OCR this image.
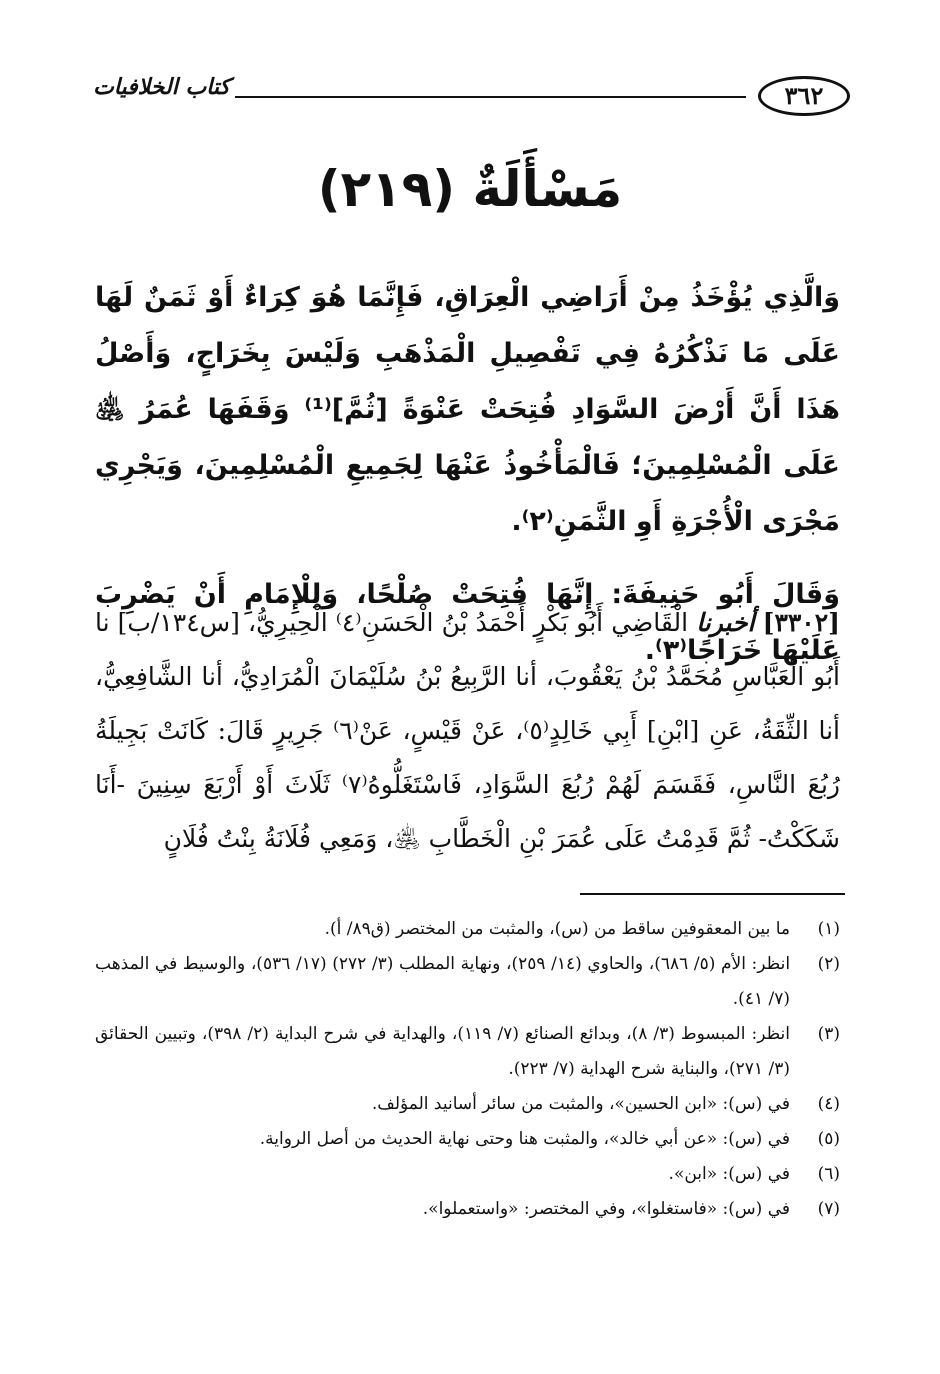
٣٦٢
كتاب الخلافيات
مَسْأَلَةٌ (٢١٩)

وَالَّذِي يُؤْخَذُ مِنْ أَرَاضِي الْعِرَاقِ، فَإِنَّمَا هُوَ كِرَاءٌ أَوْ ثَمَنٌ لَهَا عَلَى مَا نَذْكُرُهُ فِي تَفْصِيلِ الْمَذْهَبِ وَلَيْسَ بِخَرَاجٍ، وَأَصْلُ هَذَا أَنَّ أَرْضَ السَّوَادِ فُتِحَتْ عَنْوَةً [ثُمَّ]⁽¹⁾ وَقَفَهَا عُمَرُ ﵁ عَلَى الْمُسْلِمِينَ؛ فَالْمَأْخُوذُ عَنْهَا لِجَمِيعِ الْمُسْلِمِينَ، وَيَجْرِي مَجْرَى الْأُجْرَةِ أَوِ الثَّمَنِ⁽٢⁾.

وَقَالَ أَبُو حَنِيفَةَ: إِنَّهَا فُتِحَتْ صُلْحًا، وَلِلْإِمَامِ أَنْ يَضْرِبَ عَلَيْهَا خَرَاجًا⁽٣⁾.

[٣٣٠٢] أخبرنا الْقَاضِي أَبُو بَكْرٍ أَحْمَدُ بْنُ الْحَسَنِ⁽٤⁾ الْحِيرِيُّ، [س١٣٤/ب] نا أَبُو الْعَبَّاسِ مُحَمَّدُ بْنُ يَعْقُوبَ، أنا الرَّبِيعُ بْنُ سُلَيْمَانَ الْمُرَادِيُّ، أنا الشَّافِعِيُّ، أنا الثِّقَةُ، عَنِ [ابْنِ] أَبِي خَالِدٍ⁽٥⁾، عَنْ قَيْسٍ، عَنْ⁽٦⁾ جَرِيرٍ قَالَ: كَانَتْ بَجِيلَةُ رُبُعَ النَّاسِ، فَقَسَمَ لَهُمْ رُبُعَ السَّوَادِ، فَاسْتَغَلُّوهُ⁽٧⁾ ثَلَاثَ أَوْ أَرْبَعَ سِنِينَ -أَنَا شَكَكْتُ- ثُمَّ قَدِمْتُ عَلَى عُمَرَ بْنِ الْخَطَّابِ ﵁، وَمَعِي فُلَانَةُ بِنْتُ فُلَانٍ

(١)
ما بين المعقوفين ساقط من (س)، والمثبت من المختصر (ق٨٩/ أ).
(٢)
انظر: الأم (٥/ ٦٨٦)، والحاوي (١٤/ ٢٥٩)، ونهاية المطلب (٣/ ٢٧٢) (١٧/ ٥٣٦)، والوسيط في المذهب (٧/ ٤١).
(٣)
انظر: المبسوط (٣/ ٨)، وبدائع الصنائع (٧/ ١١٩)، والهداية في شرح البداية (٢/ ٣٩٨)، وتبيين الحقائق (٣/ ٢٧١)، والبناية شرح الهداية (٧/ ٢٢٣).
(٤)
في (س): «ابن الحسين»، والمثبت من سائر أسانيد المؤلف.
(٥)
في (س): «عن أبي خالد»، والمثبت هنا وحتى نهاية الحديث من أصل الرواية.
(٦)
في (س): «ابن».
(٧)
في (س): «فاستغلوا»، وفي المختصر: «واستعملوا».
